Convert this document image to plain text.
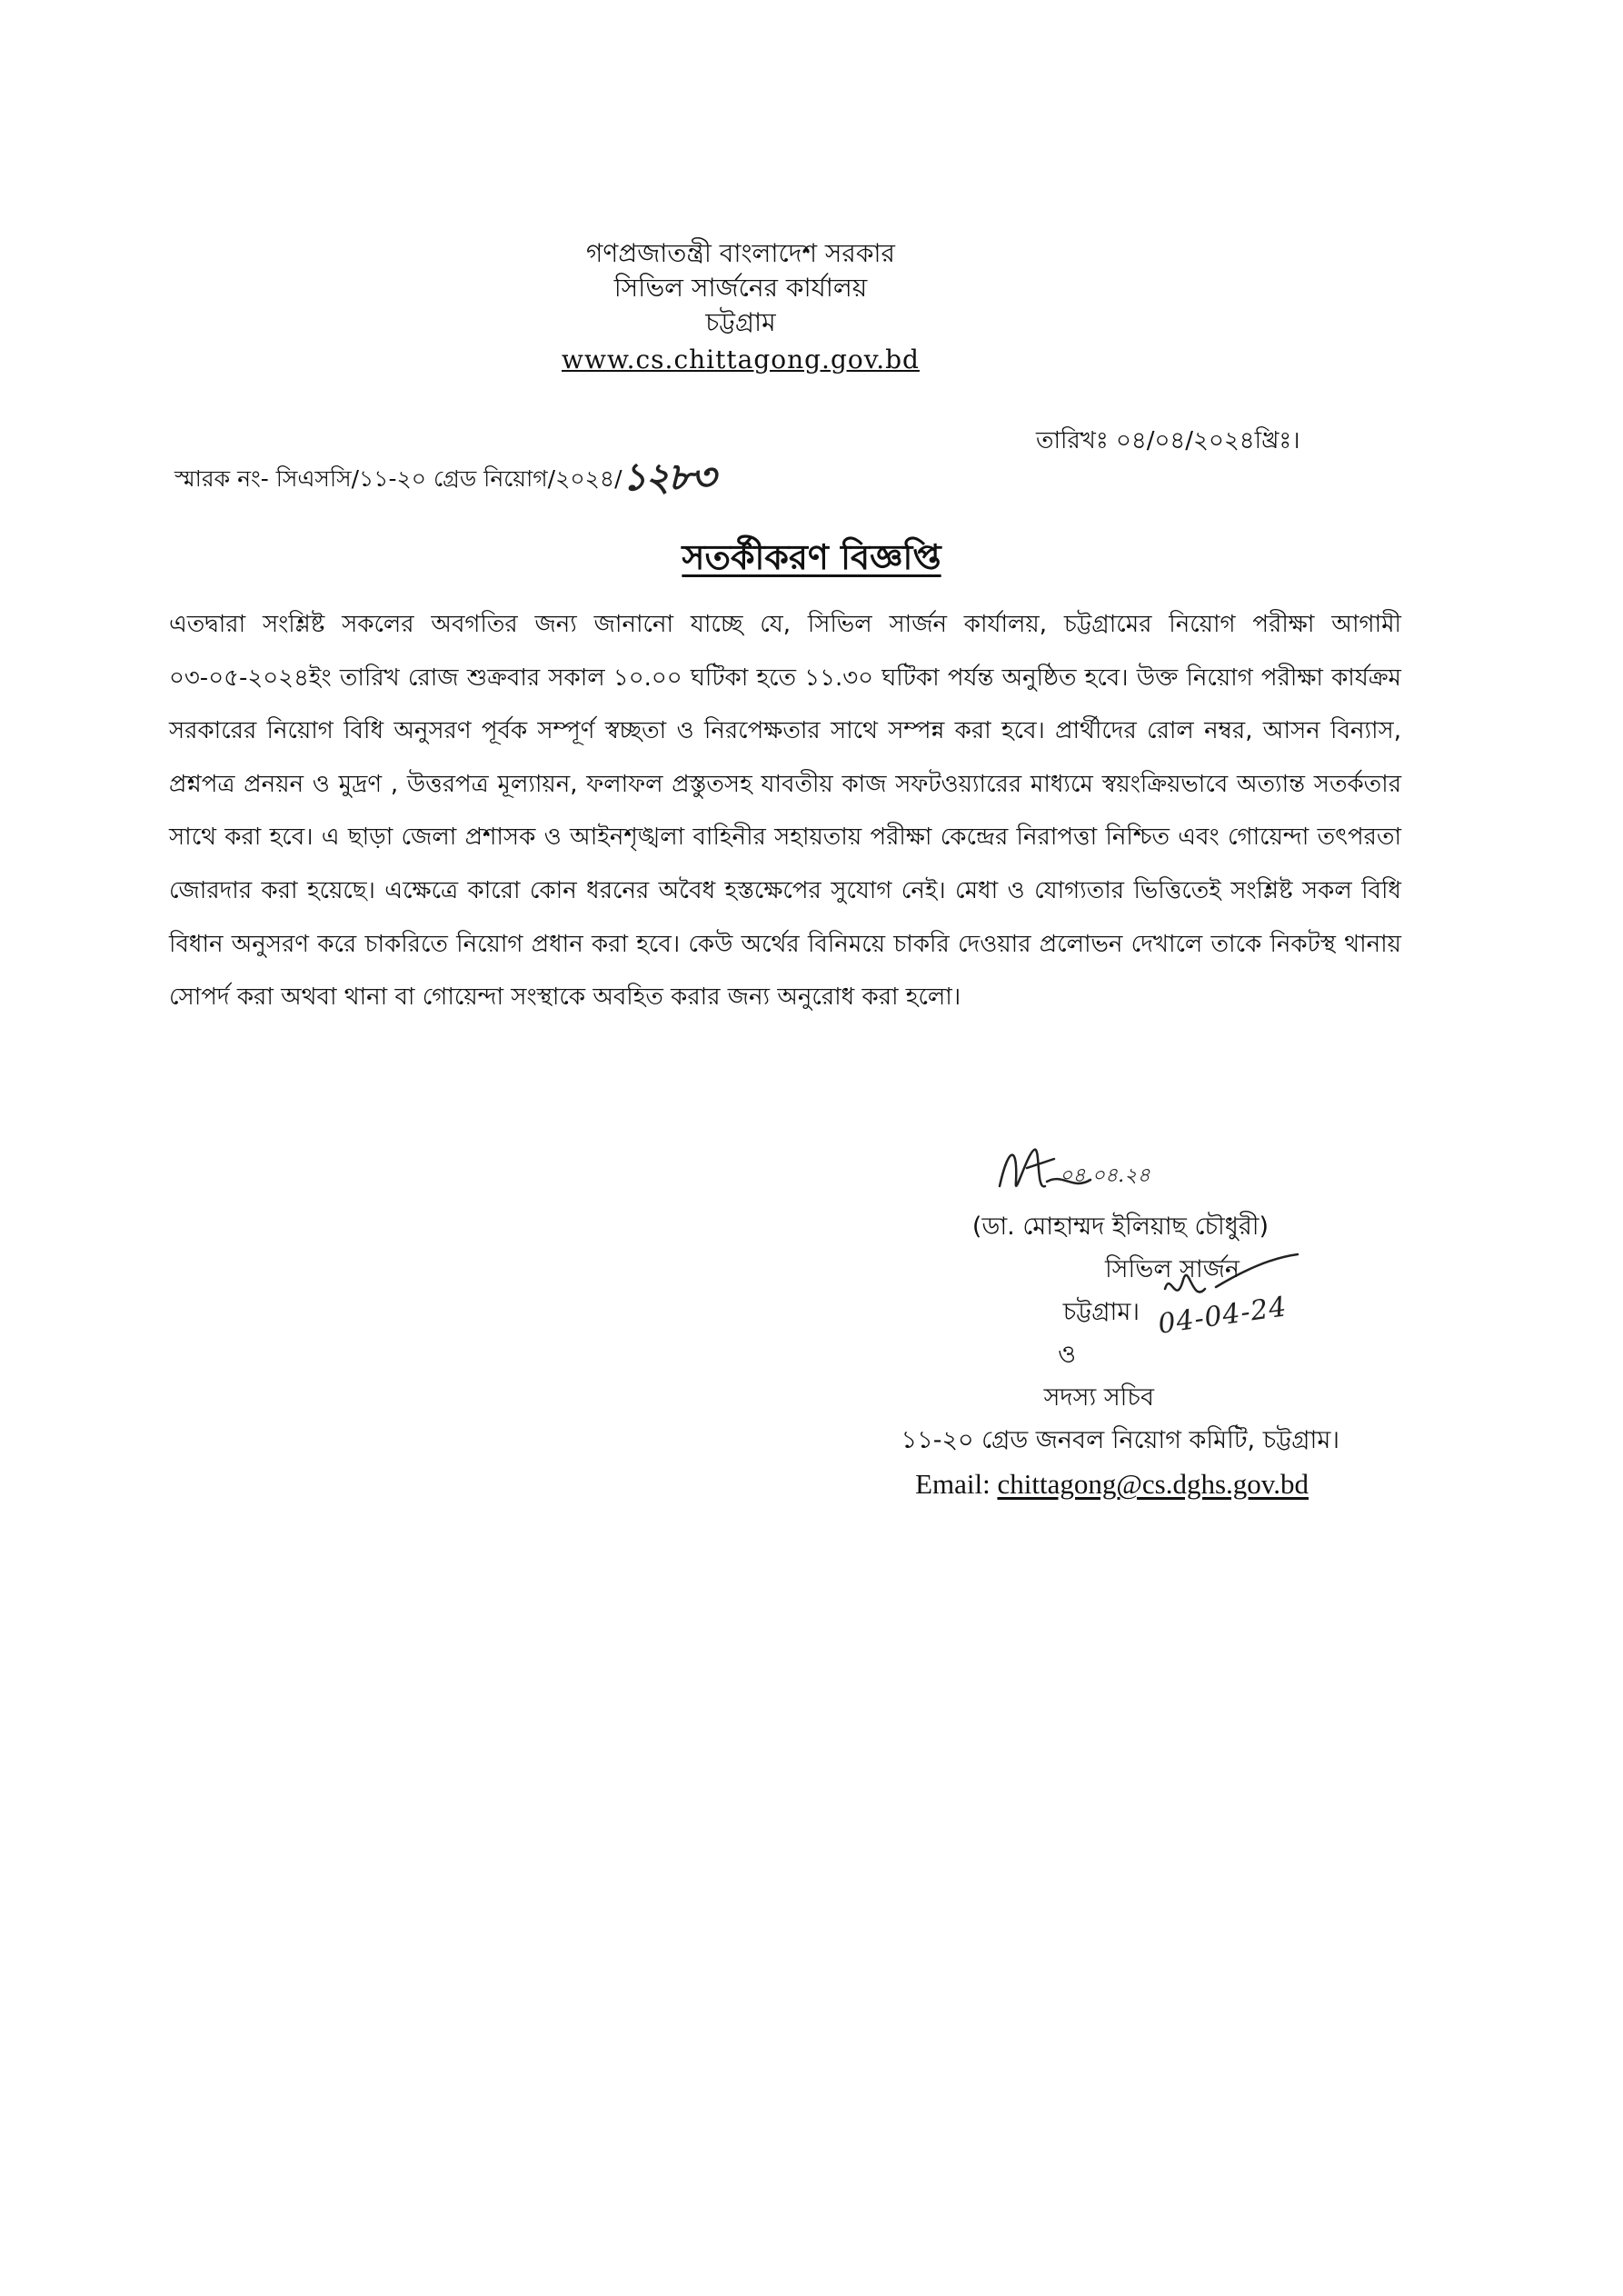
গণপ্রজাতন্ত্রী বাংলাদেশ সরকার
সিভিল সার্জনের কার্যালয়
চট্টগ্রাম
www.cs.chittagong.gov.bd
স্মারক নং- সিএসসি/১১-২০ গ্রেড নিয়োগ/২০২৪/১২৮৩
তারিখঃ ০৪/০৪/২০২৪খ্রিঃ।
সতর্কীকরণ বিজ্ঞপ্তি

এতদ্বারা সংশ্লিষ্ট সকলের অবগতির জন্য জানানো যাচ্ছে যে, সিভিল সার্জন কার্যালয়, চট্টগ্রামের নিয়োগ পরীক্ষা আগামী ০৩-০৫-২০২৪ইং তারিখ রোজ শুক্রবার সকাল ১০.০০ ঘটিকা হতে ১১.৩০ ঘটিকা পর্যন্ত অনুষ্ঠিত হবে। উক্ত নিয়োগ পরীক্ষা কার্যক্রম সরকারের নিয়োগ বিধি অনুসরণ পূর্বক সম্পূর্ণ স্বচ্ছতা ও নিরপেক্ষতার সাথে সম্পন্ন করা হবে। প্রার্থীদের রোল নম্বর, আসন বিন্যাস, প্রশ্নপত্র প্রনয়ন ও মুদ্রণ , উত্তরপত্র মূল্যায়ন, ফলাফল প্রস্তুতসহ যাবতীয় কাজ সফটওয়্যারের মাধ্যমে স্বয়ংক্রিয়ভাবে অত্যান্ত সতর্কতার সাথে করা হবে। এ ছাড়া জেলা প্রশাসক ও আইনশৃঙ্খলা বাহিনীর সহায়তায় পরীক্ষা কেন্দ্রের নিরাপত্তা নিশ্চিত এবং গোয়েন্দা তৎপরতা জোরদার করা হয়েছে। এক্ষেত্রে কারো কোন ধরনের অবৈধ হস্তক্ষেপের সুযোগ নেই। মেধা ও যোগ্যতার ভিত্তিতেই সংশ্লিষ্ট সকল বিধি বিধান অনুসরণ করে চাকরিতে নিয়োগ প্রধান করা হবে। কেউ অর্থের বিনিময়ে চাকরি দেওয়ার প্রলোভন দেখালে তাকে নিকটস্থ থানায় সোপর্দ করা অথবা থানা বা গোয়েন্দা সংস্থাকে অবহিত করার জন্য অনুরোধ করা হলো।

০৪.০৪.২৪
04-04-24
(ডা. মোহাম্মদ ইলিয়াছ চৌধুরী)
সিভিল সার্জন
চট্টগ্রাম।
ও
সদস্য সচিব
১১-২০ গ্রেড জনবল নিয়োগ কমিটি, চট্টগ্রাম।
Email: chittagong@cs.dghs.gov.bd
